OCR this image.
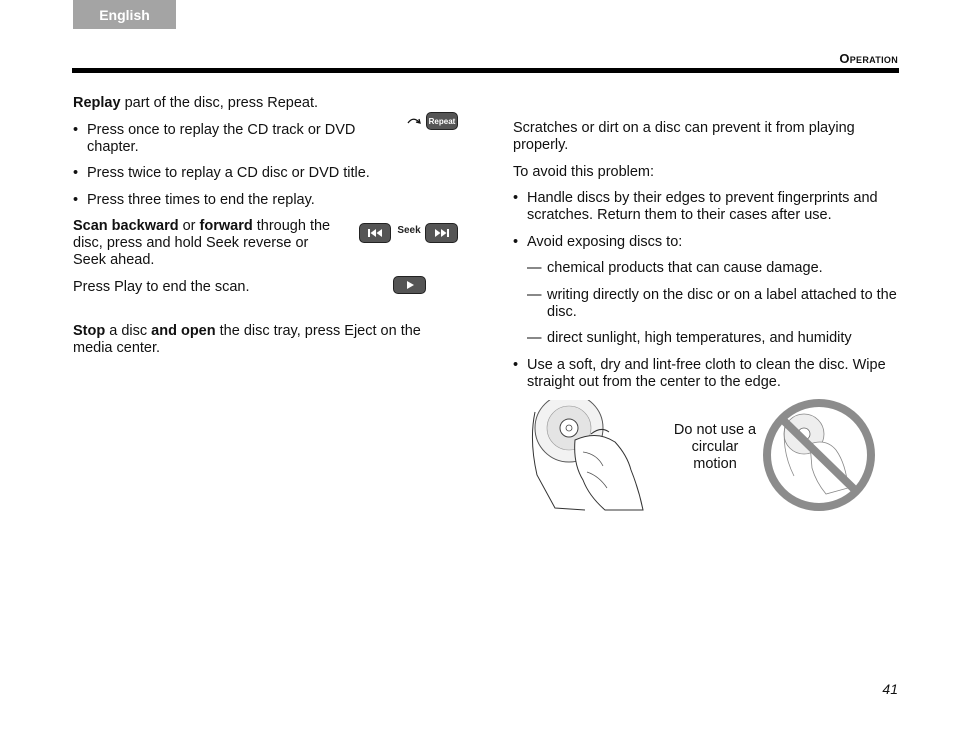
English
Operation
Replay part of the disc, press Repeat.
• Press once to replay the CD track or DVD chapter.
• Press twice to replay a CD disc or DVD title.
• Press three times to end the replay.
Repeat
Scan backward or forward through the disc, press and hold Seek reverse or Seek ahead.
Seek
Press Play to end the scan.
Stop a disc and open the disc tray, press Eject on the media center.
Scratches or dirt on a disc can prevent it from playing properly.
To avoid this problem:
• Handle discs by their edges to prevent fingerprints and scratches. Return them to their cases after use.
• Avoid exposing discs to:
— chemical products that can cause damage.
— writing directly on the disc or on a label attached to the disc.
— direct sunlight, high temperatures, and humidity
• Use a soft, dry and lint-free cloth to clean the disc. Wipe straight out from the center to the edge.
Do not use a circular motion
41
